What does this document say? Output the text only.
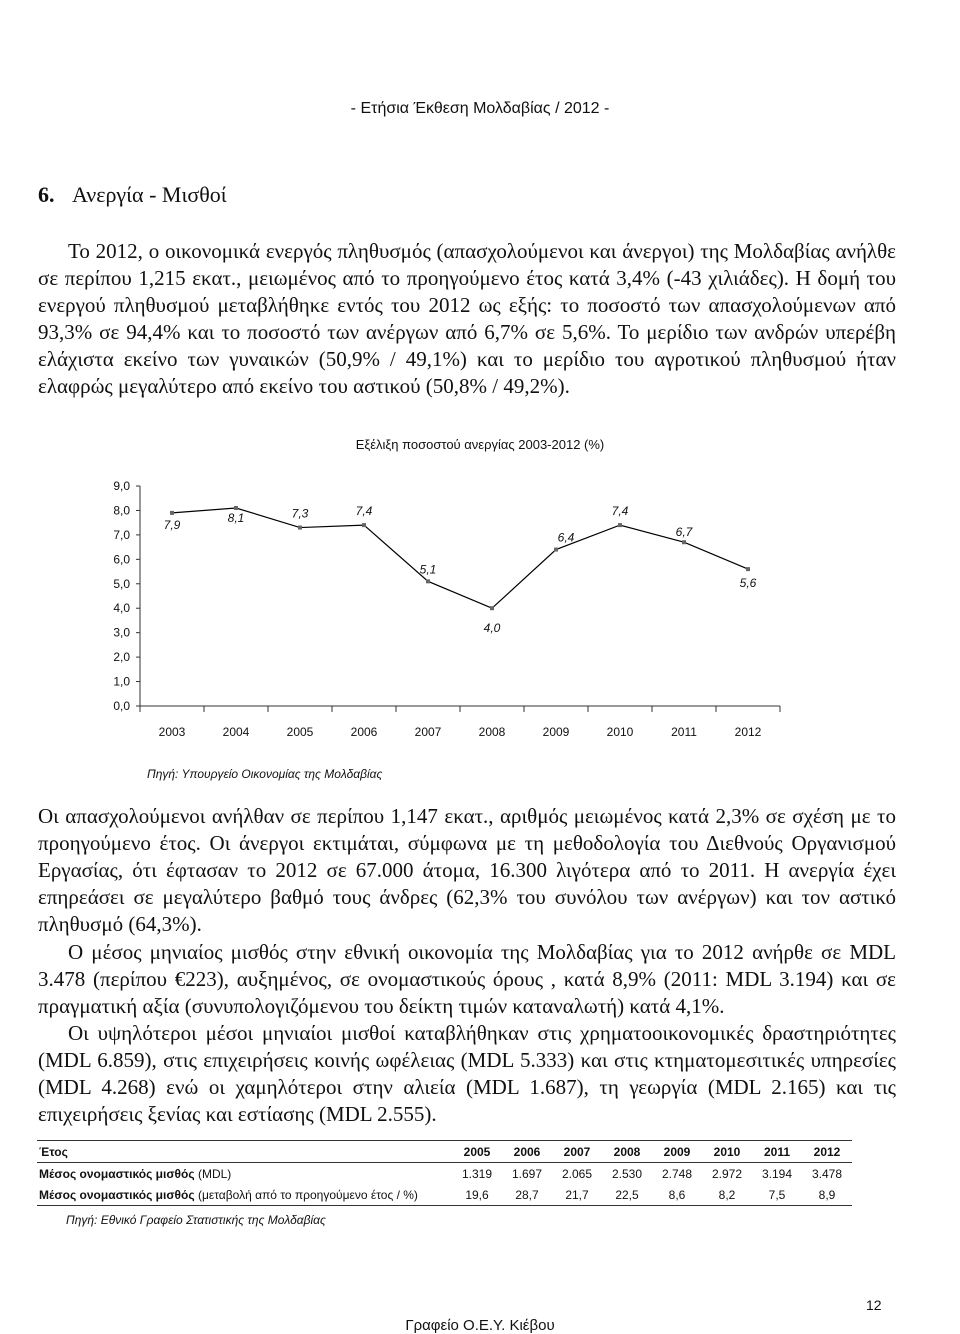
- Ετήσια Έκθεση Μολδαβίας / 2012 -
6. Ανεργία - Μισθοί

Το 2012, ο οικονομικά ενεργός πληθυσμός (απασχολούμενοι και άνεργοι) της Μολδαβίας ανήλθε σε περίπου 1,215 εκατ., μειωμένος από το προηγούμενο έτος κατά 3,4% (-43 χιλιάδες). Η δομή του ενεργού πληθυσμού μεταβλήθηκε εντός του 2012 ως εξής: το ποσοστό των απασχολούμενων από 93,3% σε 94,4% και το ποσοστό των ανέργων από 6,7% σε 5,6%. Το μερίδιο των ανδρών υπερέβη ελάχιστα εκείνο των γυναικών (50,9% / 49,1%) και το μερίδιο του αγροτικού πληθυσμού ήταν ελαφρώς μεγαλύτερο από εκείνο του αστικού (50,8% / 49,2%).

Εξέλιξη ποσοστού ανεργίας 2003-2012 (%)
0,0
1,0
2,0
3,0
4,0
5,0
6,0
7,0
8,0
9,0
2003	2004	2005	2006	2007	2008	2009	2010	2011	2012
7,9	8,1	7,3	7,4
5,1
4,0
6,4
7,4
6,7
5,6
Πηγή: Υπουργείο Οικονομίας της Μολδαβίας

Οι απασχολούμενοι ανήλθαν σε περίπου 1,147 εκατ., αριθμός μειωμένος κατά 2,3% σε σχέση με το προηγούμενο έτος. Οι άνεργοι εκτιμάται, σύμφωνα με τη μεθοδολογία του Διεθνούς Οργανισμού Εργασίας, ότι έφτασαν το 2012 σε 67.000 άτομα, 16.300 λιγότερα από το 2011. Η ανεργία έχει επηρεάσει σε μεγαλύτερο βαθμό τους άνδρες (62,3% του συνόλου των ανέργων) και τον αστικό πληθυσμό (64,3%).

Ο μέσος μηνιαίος μισθός στην εθνική οικονομία της Μολδαβίας για το 2012 ανήρθε σε MDL 3.478 (περίπου €223), αυξημένος, σε ονομαστικούς όρους , κατά 8,9% (2011: MDL 3.194) και σε πραγματική αξία (συνυπολογιζόμενου του δείκτη τιμών καταναλωτή) κατά 4,1%.

Οι υψηλότεροι μέσοι μηνιαίοι μισθοί καταβλήθηκαν στις χρηματοοικονομικές δραστηριότητες (MDL 6.859), στις επιχειρήσεις κοινής ωφέλειας (MDL 5.333) και στις κτηματομεσιτικές υπηρεσίες (MDL 4.268) ενώ οι χαμηλότεροι στην αλιεία (MDL 1.687), τη γεωργία (MDL 2.165) και τις επιχειρήσεις ξενίας και εστίασης (MDL 2.555).

Έτος	2005	2006	2007	2008	2009	2010	2011	2012
Μέσος ονομαστικός μισθός (MDL)	1.319	1.697	2.065	2.530	2.748	2.972	3.194	3.478
Μέσος ονομαστικός μισθός (μεταβολή από το προηγούμενο έτος / %)	19,6	28,7	21,7	22,5	8,6	8,2	7,5	8,9
Πηγή: Εθνικό Γραφείο Στατιστικής της Μολδαβίας
12
Γραφείο Ο.Ε.Υ. Κιέβου
